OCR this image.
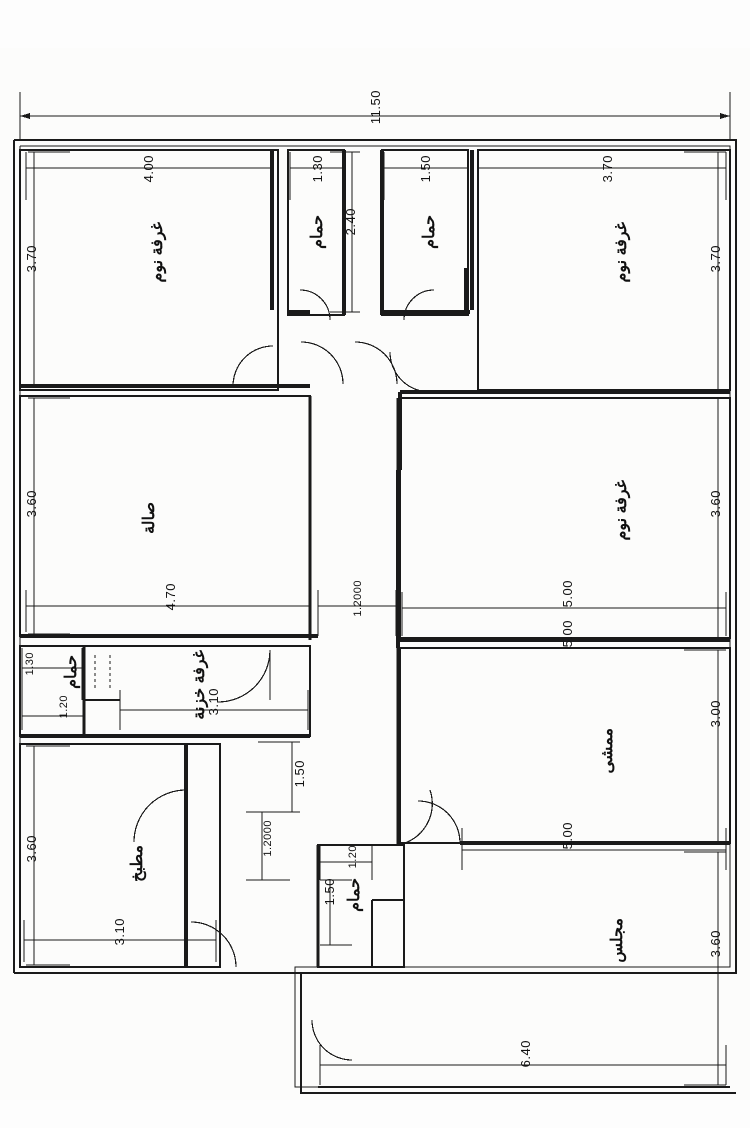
11.50
4.00	1.30	1.50	3.70
3.70	3.70
2.40
غرفة نوم	حمام	حمام	غرفة نوم
3.60	صالة
4.70	1.2000
غرفة نوم	3.60
5.00
5.00
1.30
1.20
حمام	غرفة خزنة
3.10
3.60	مطبخ
3.10
1.50
1.2000
ممشى
3.00
5.00
1.20
1.50 حمام
مجلس	3.60
6.40
